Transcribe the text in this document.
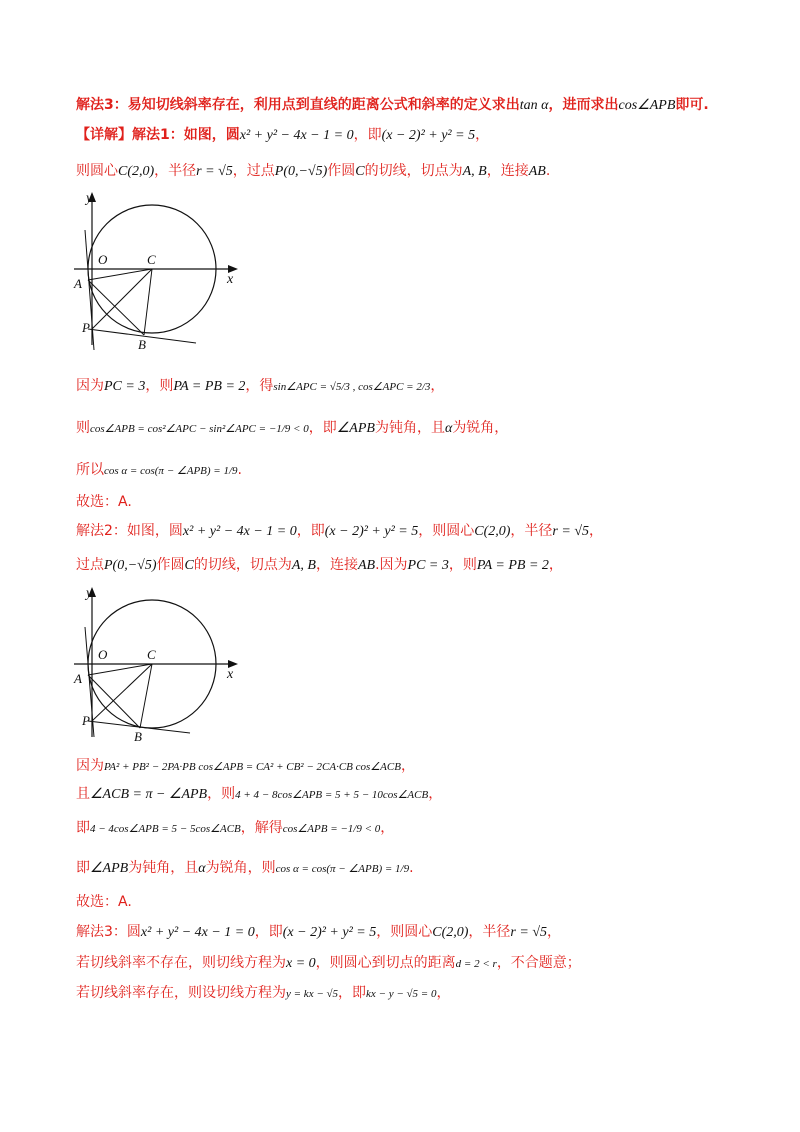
解法3：易知切线斜率存在，利用点到直线的距离公式和斜率的定义求出tan α，进而求出cos∠APB即可.
【详解】解法1：如图，圆x² + y² − 4x − 1 = 0，即(x − 2)² + y² = 5，
则圆心C(2,0)，半径r = √5，过点P(0,−√5)作圆C的切线，切点为A, B，连接AB.
y
x
O	C
A
P
B
因为PC = 3，则PA = PB = 2，得sin∠APC = √5/3 , cos∠APC = 2/3，
则cos∠APB = cos²∠APC − sin²∠APC = −1/9 < 0，即∠APB为钝角，且α为锐角，
所以cos α = cos(π − ∠APB) = 1/9.
故选：A.
解法2：如图，圆x² + y² − 4x − 1 = 0，即(x − 2)² + y² = 5，则圆心C(2,0)，半径r = √5，
过点P(0,−√5)作圆C的切线，切点为A, B，连接AB.因为PC = 3，则PA = PB = 2，
y
x
O	C
A
P
B
因为PA² + PB² − 2PA·PB cos∠APB = CA² + CB² − 2CA·CB cos∠ACB，
且∠ACB = π − ∠APB，则4 + 4 − 8cos∠APB = 5 + 5 − 10cos∠ACB，
即4 − 4cos∠APB = 5 − 5cos∠ACB，解得cos∠APB = −1/9 < 0，
即∠APB为钝角，且α为锐角，则cos α = cos(π − ∠APB) = 1/9.
故选：A.
解法3：圆x² + y² − 4x − 1 = 0，即(x − 2)² + y² = 5，则圆心C(2,0)，半径r = √5，
若切线斜率不存在，则切线方程为x = 0，则圆心到切点的距离d = 2 < r，不合题意；
若切线斜率存在，则设切线方程为y = kx − √5，即kx − y − √5 = 0，
